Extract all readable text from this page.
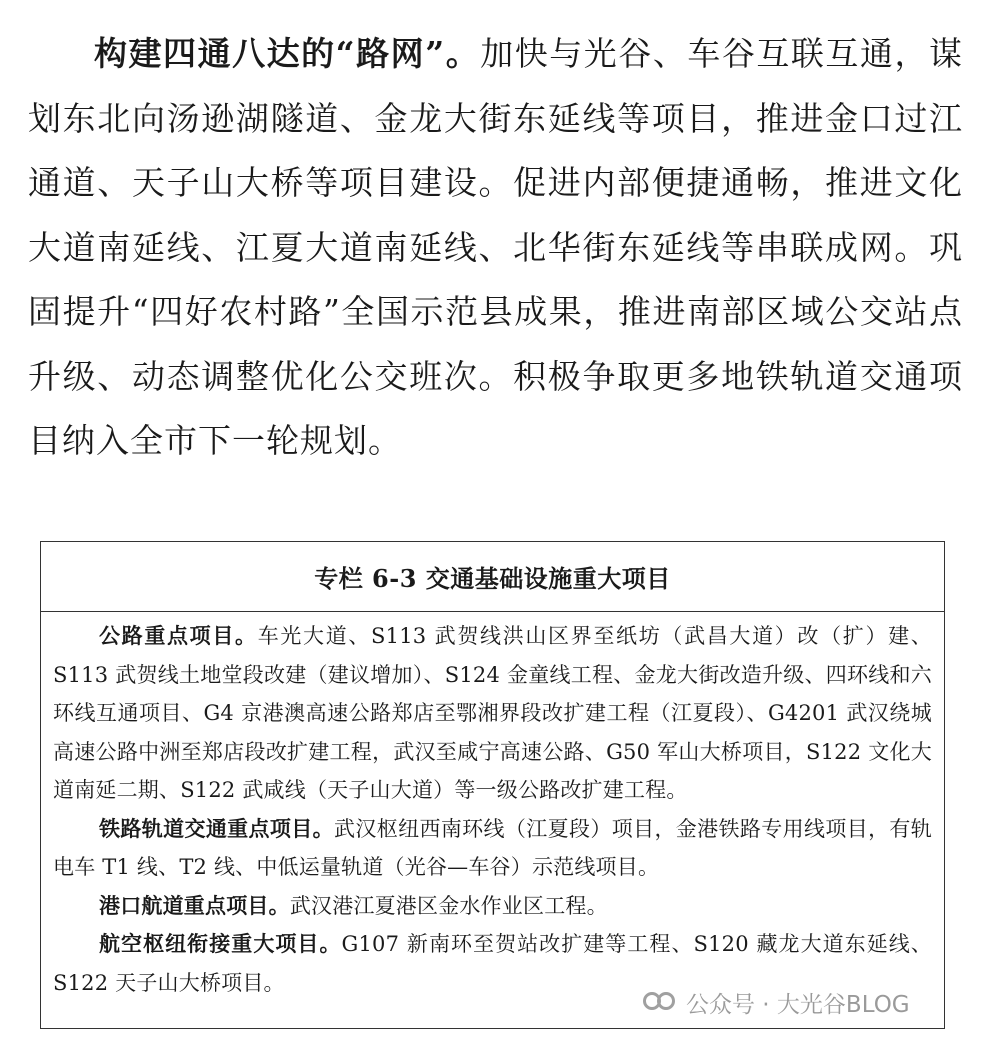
构建四通八达的“路网”。加快与光谷、车谷互联互通，谋划东北向汤逊湖隧道、金龙大街东延线等项目，推进金口过江通道、天子山大桥等项目建设。促进内部便捷通畅，推进文化大道南延线、江夏大道南延线、北华街东延线等串联成网。巩固提升“四好农村路”全国示范县成果，推进南部区域公交站点升级、动态调整优化公交班次。积极争取更多地铁轨道交通项目纳入全市下一轮规划。

专栏 6-3 交通基础设施重大项目

公路重点项目。车光大道、S113 武贺线洪山区界至纸坊（武昌大道）改（扩）建、S113 武贺线土地堂段改建（建议增加）、S124 金童线工程、金龙大街改造升级、四环线和六环线互通项目、G4 京港澳高速公路郑店至鄂湘界段改扩建工程（江夏段）、G4201 武汉绕城高速公路中洲至郑店段改扩建工程，武汉至咸宁高速公路、G50 军山大桥项目，S122 文化大道南延二期、S122 武咸线（天子山大道）等一级公路改扩建工程。

铁路轨道交通重点项目。武汉枢纽西南环线（江夏段）项目，金港铁路专用线项目，有轨电车 T1 线、T2 线、中低运量轨道（光谷—车谷）示范线项目。

港口航道重点项目。武汉港江夏港区金水作业区工程。

航空枢纽衔接重大项目。G107 新南环至贺站改扩建等工程、S120 藏龙大道东延线、S122 天子山大桥项目。

公众号 · 大光谷BLOG
